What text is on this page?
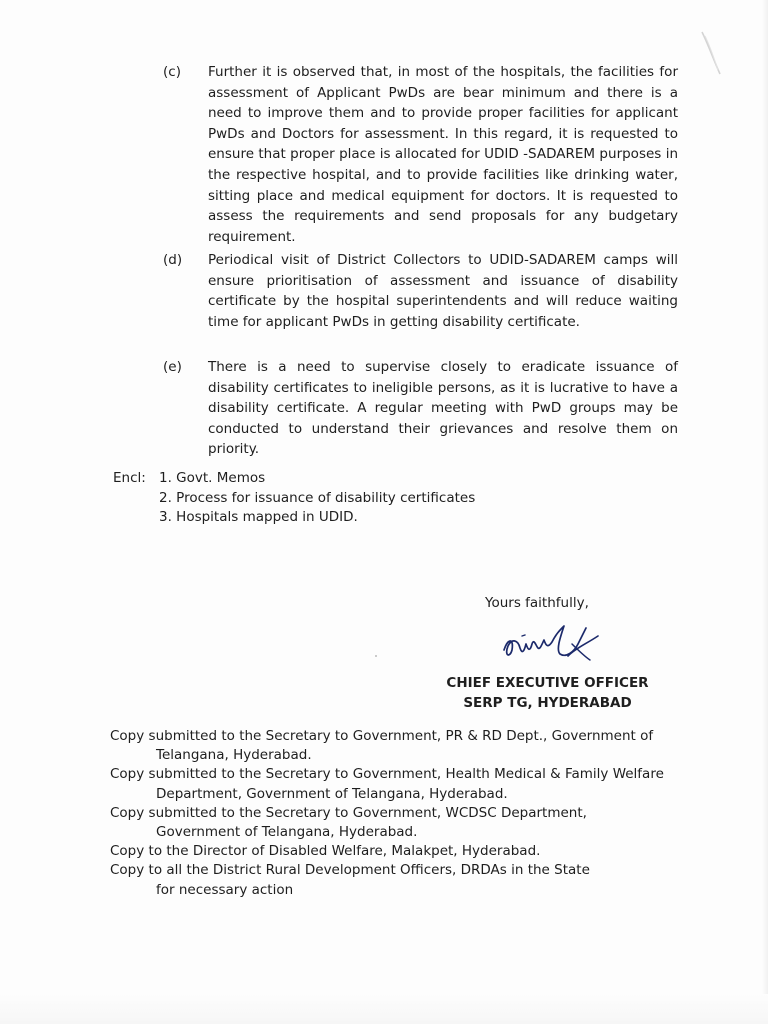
(c) Further it is observed that, in most of the hospitals, the facilities for assessment of Applicant PwDs are bear minimum and there is a need to improve them and to provide proper facilities for applicant PwDs and Doctors for assessment. In this regard, it is requested to ensure that proper place is allocated for UDID -SADAREM purposes in the respective hospital, and to provide facilities like drinking water, sitting place and medical equipment for doctors. It is requested to assess the requirements and send proposals for any budgetary requirement.
(d) Periodical visit of District Collectors to UDID-SADAREM camps will ensure prioritisation of assessment and issuance of disability certificate by the hospital superintendents and will reduce waiting time for applicant PwDs in getting disability certificate.
(e) There is a need to supervise closely to eradicate issuance of disability certificates to ineligible persons, as it is lucrative to have a disability certificate. A regular meeting with PwD groups may be conducted to understand their grievances and resolve them on priority.
Encl: 1. Govt. Memos
2. Process for issuance of disability certificates
3. Hospitals mapped in UDID.
Yours faithfully,
CHIEF EXECUTIVE OFFICER
SERP TG, HYDERABAD
Copy submitted to the Secretary to Government, PR & RD Dept., Government of
Telangana, Hyderabad.
Copy submitted to the Secretary to Government, Health Medical & Family Welfare
Department, Government of Telangana, Hyderabad.
Copy submitted to the Secretary to Government, WCDSC Department,
Government of Telangana, Hyderabad.
Copy to the Director of Disabled Welfare, Malakpet, Hyderabad.
Copy to all the District Rural Development Officers, DRDAs in the State
for necessary action
